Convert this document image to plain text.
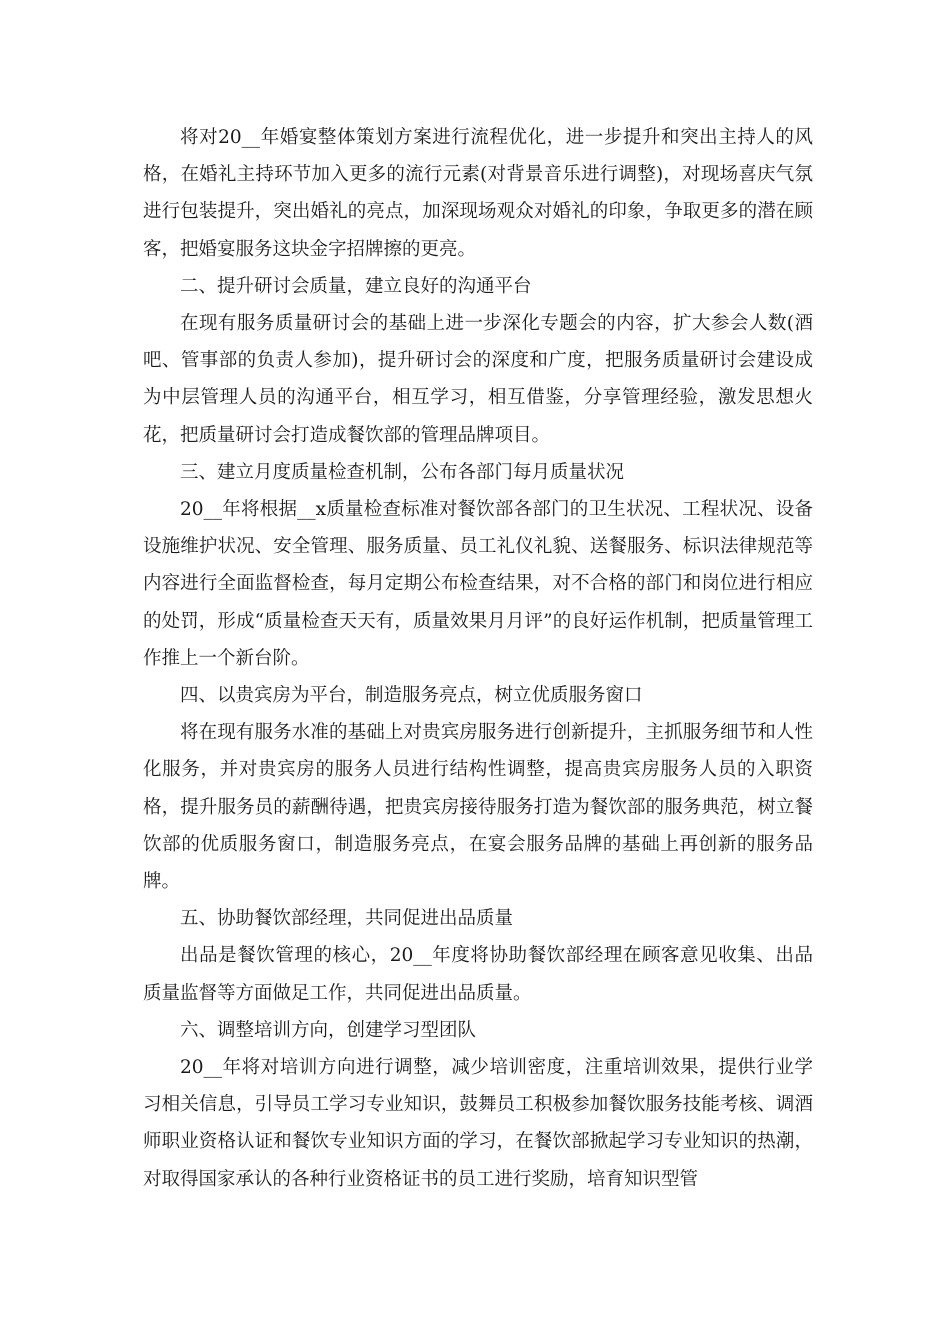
将对20__年婚宴整体策划方案进行流程优化，进一步提升和突出主持人的风格，在婚礼主持环节加入更多的流行元素(对背景音乐进行调整)，对现场喜庆气氛进行包装提升，突出婚礼的亮点，加深现场观众对婚礼的印象，争取更多的潜在顾客，把婚宴服务这块金字招牌擦的更亮。

二、提升研讨会质量，建立良好的沟通平台

在现有服务质量研讨会的基础上进一步深化专题会的内容，扩大参会人数(酒吧、管事部的负责人参加)，提升研讨会的深度和广度，把服务质量研讨会建设成为中层管理人员的沟通平台，相互学习，相互借鉴，分享管理经验，激发思想火花，把质量研讨会打造成餐饮部的管理品牌项目。

三、建立月度质量检查机制，公布各部门每月质量状况

20__年将根据__x质量检查标准对餐饮部各部门的卫生状况、工程状况、设备设施维护状况、安全管理、服务质量、员工礼仪礼貌、送餐服务、标识法律规范等内容进行全面监督检查，每月定期公布检查结果，对不合格的部门和岗位进行相应的处罚，形成“质量检查天天有，质量效果月月评”的良好运作机制，把质量管理工作推上一个新台阶。

四、以贵宾房为平台，制造服务亮点，树立优质服务窗口

将在现有服务水准的基础上对贵宾房服务进行创新提升，主抓服务细节和人性化服务，并对贵宾房的服务人员进行结构性调整，提高贵宾房服务人员的入职资格，提升服务员的薪酬待遇，把贵宾房接待服务打造为餐饮部的服务典范，树立餐饮部的优质服务窗口，制造服务亮点，在宴会服务品牌的基础上再创新的服务品牌。

五、协助餐饮部经理，共同促进出品质量

出品是餐饮管理的核心，20__年度将协助餐饮部经理在顾客意见收集、出品质量监督等方面做足工作，共同促进出品质量。

六、调整培训方向，创建学习型团队

20__年将对培训方向进行调整，减少培训密度，注重培训效果，提供行业学习相关信息，引导员工学习专业知识，鼓舞员工积极参加餐饮服务技能考核、调酒师职业资格认证和餐饮专业知识方面的学习，在餐饮部掀起学习专业知识的热潮，对取得国家承认的各种行业资格证书的员工进行奖励，培育知识型管
